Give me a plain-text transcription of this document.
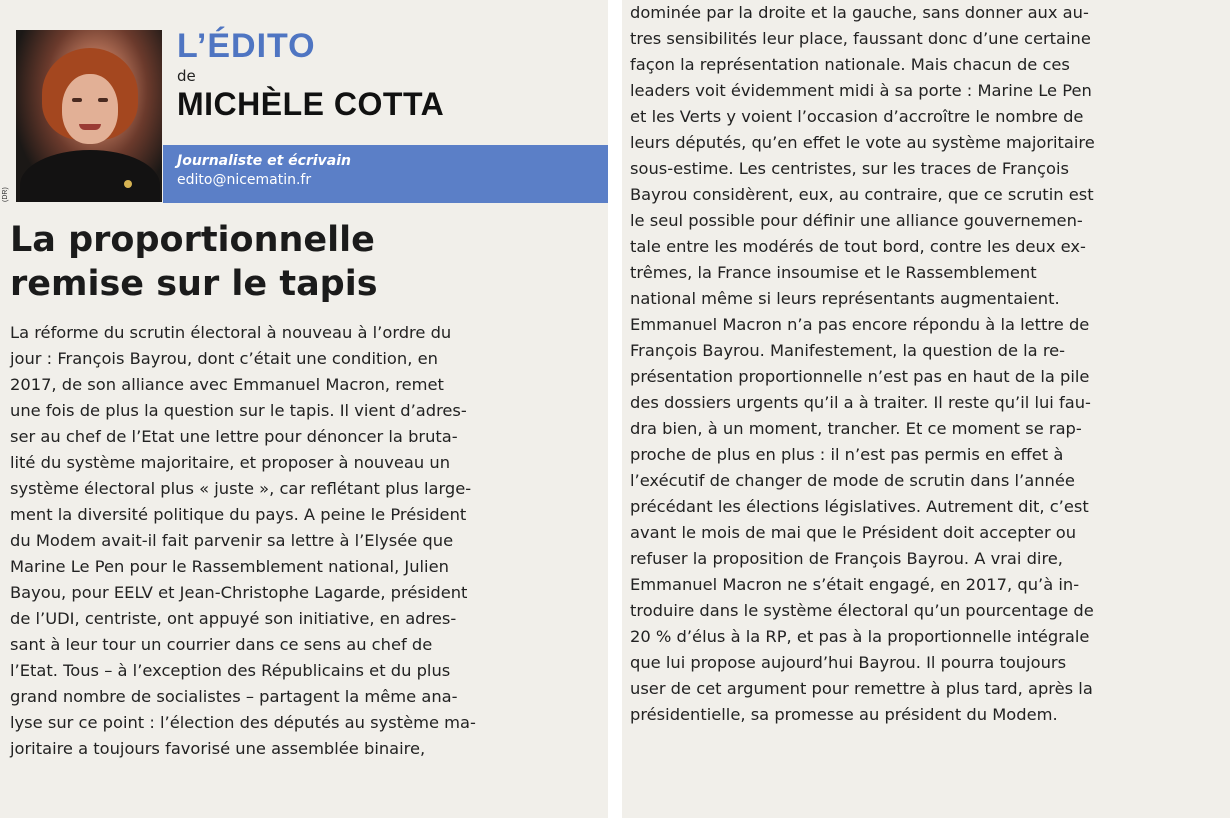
(DR)
L’ÉDITO
de
MICHÈLE COTTA
Journaliste et écrivain
edito@nicematin.fr
La proportionnelle
remise sur le tapis
La réforme du scrutin électoral à nouveau à l’ordre du
jour : François Bayrou, dont c’était une condition, en
2017, de son alliance avec Emmanuel Macron, remet
une fois de plus la question sur le tapis. Il vient d’adres-
ser au chef de l’Etat une lettre pour dénoncer la bruta-
lité du système majoritaire, et proposer à nouveau un
système électoral plus « juste », car reflétant plus large-
ment la diversité politique du pays. A peine le Président
du Modem avait-il fait parvenir sa lettre à l’Elysée que
Marine Le Pen pour le Rassemblement national, Julien
Bayou, pour EELV et Jean-Christophe Lagarde, président
de l’UDI, centriste, ont appuyé son initiative, en adres-
sant à leur tour un courrier dans ce sens au chef de
l’Etat. Tous – à l’exception des Républicains et du plus
grand nombre de socialistes – partagent la même ana-
lyse sur ce point : l’élection des députés au système ma-
joritaire a toujours favorisé une assemblée binaire,
dominée par la droite et la gauche, sans donner aux au-
tres sensibilités leur place, faussant donc d’une certaine
façon la représentation nationale. Mais chacun de ces
leaders voit évidemment midi à sa porte : Marine Le Pen
et les Verts y voient l’occasion d’accroître le nombre de
leurs députés, qu’en effet le vote au système majoritaire
sous-estime. Les centristes, sur les traces de François
Bayrou considèrent, eux, au contraire, que ce scrutin est
le seul possible pour définir une alliance gouvernemen-
tale entre les modérés de tout bord, contre les deux ex-
trêmes, la France insoumise et le Rassemblement
national même si leurs représentants augmentaient.
Emmanuel Macron n’a pas encore répondu à la lettre de
François Bayrou. Manifestement, la question de la re-
présentation proportionnelle n’est pas en haut de la pile
des dossiers urgents qu’il a à traiter. Il reste qu’il lui fau-
dra bien, à un moment, trancher. Et ce moment se rap-
proche de plus en plus : il n’est pas permis en effet à
l’exécutif de changer de mode de scrutin dans l’année
précédant les élections législatives. Autrement dit, c’est
avant le mois de mai que le Président doit accepter ou
refuser la proposition de François Bayrou. A vrai dire,
Emmanuel Macron ne s’était engagé, en 2017, qu’à in-
troduire dans le système électoral qu’un pourcentage de
20 % d’élus à la RP, et pas à la proportionnelle intégrale
que lui propose aujourd’hui Bayrou. Il pourra toujours
user de cet argument pour remettre à plus tard, après la
présidentielle, sa promesse au président du Modem.
